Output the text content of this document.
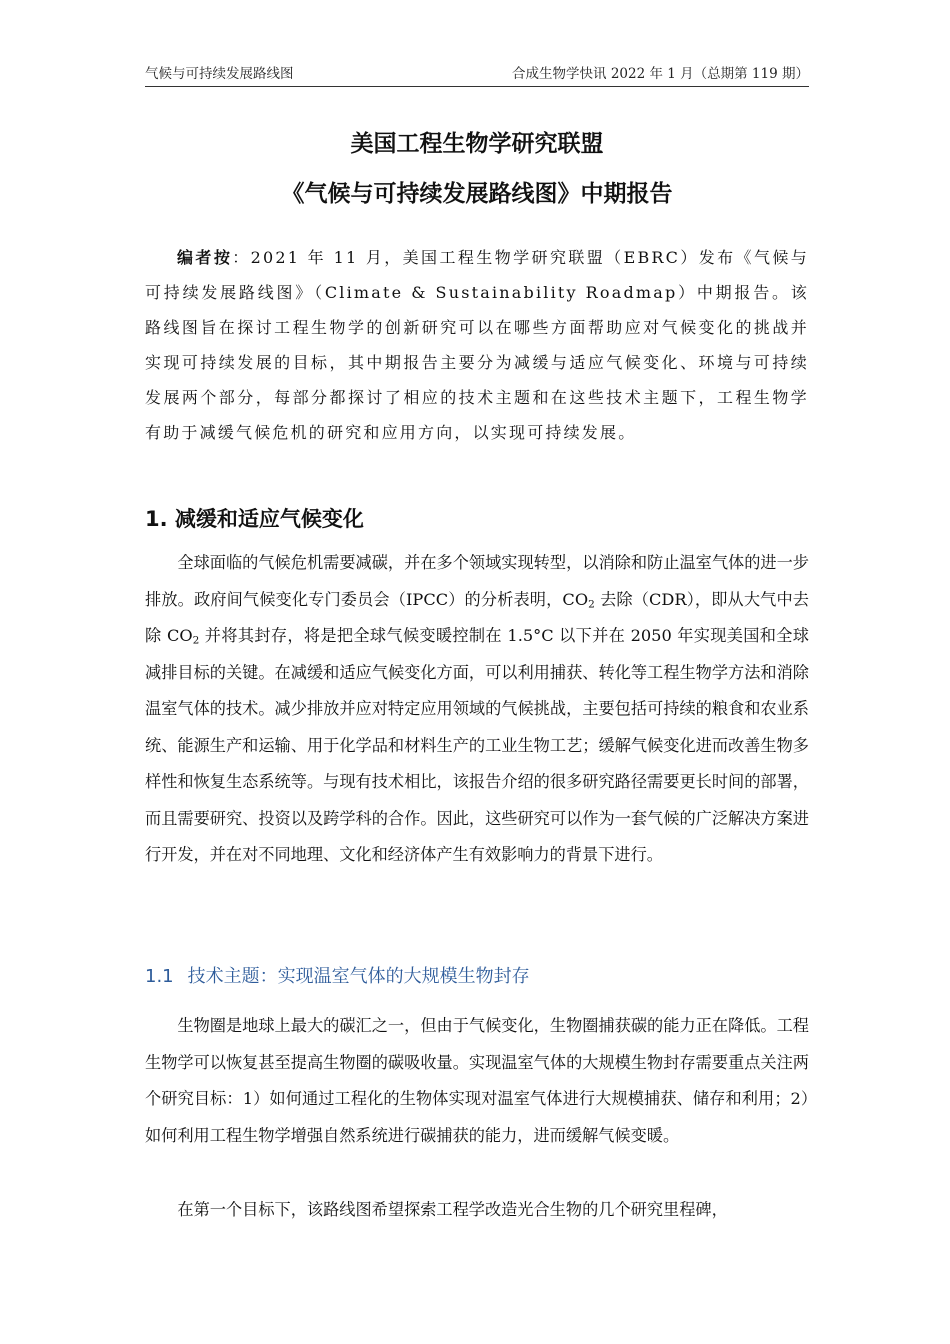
气候与可持续发展路线图	合成生物学快讯 2022 年 1 月（总期第 119 期）
美国工程生物学研究联盟
《气候与可持续发展路线图》中期报告

编者按：2021 年 11 月，美国工程生物学研究联盟（EBRC）发布《气候与可持续发展路线图》（Climate & Sustainability Roadmap）中期报告。该路线图旨在探讨工程生物学的创新研究可以在哪些方面帮助应对气候变化的挑战并实现可持续发展的目标，其中期报告主要分为减缓与适应气候变化、环境与可持续发展两个部分，每部分都探讨了相应的技术主题和在这些技术主题下，工程生物学有助于减缓气候危机的研究和应用方向，以实现可持续发展。

1. 减缓和适应气候变化

全球面临的气候危机需要减碳，并在多个领域实现转型，以消除和防止温室气体的进一步排放。政府间气候变化专门委员会（IPCC）的分析表明，$CO_2$ 去除（CDR），即从大气中去除 $CO_2$ 并将其封存，将是把全球气候变暖控制在 1.5°C 以下并在 2050 年实现美国和全球减排目标的关键。在减缓和适应气候变化方面，可以利用捕获、转化等工程生物学方法和消除温室气体的技术。减少排放并应对特定应用领域的气候挑战，主要包括可持续的粮食和农业系统、能源生产和运输、用于化学品和材料生产的工业生物工艺；缓解气候变化进而改善生物多样性和恢复生态系统等。与现有技术相比，该报告介绍的很多研究路径需要更长时间的部署，而且需要研究、投资以及跨学科的合作。因此，这些研究可以作为一套气候的广泛解决方案进行开发，并在对不同地理、文化和经济体产生有效影响力的背景下进行。

1.1 技术主题：实现温室气体的大规模生物封存

生物圈是地球上最大的碳汇之一，但由于气候变化，生物圈捕获碳的能力正在降低。工程生物学可以恢复甚至提高生物圈的碳吸收量。实现温室气体的大规模生物封存需要重点关注两个研究目标：1）如何通过工程化的生物体实现对温室气体进行大规模捕获、储存和利用；2）如何利用工程生物学增强自然系统进行碳捕获的能力，进而缓解气候变暖。

在第一个目标下，该路线图希望探索工程学改造光合生物的几个研究里程碑，
